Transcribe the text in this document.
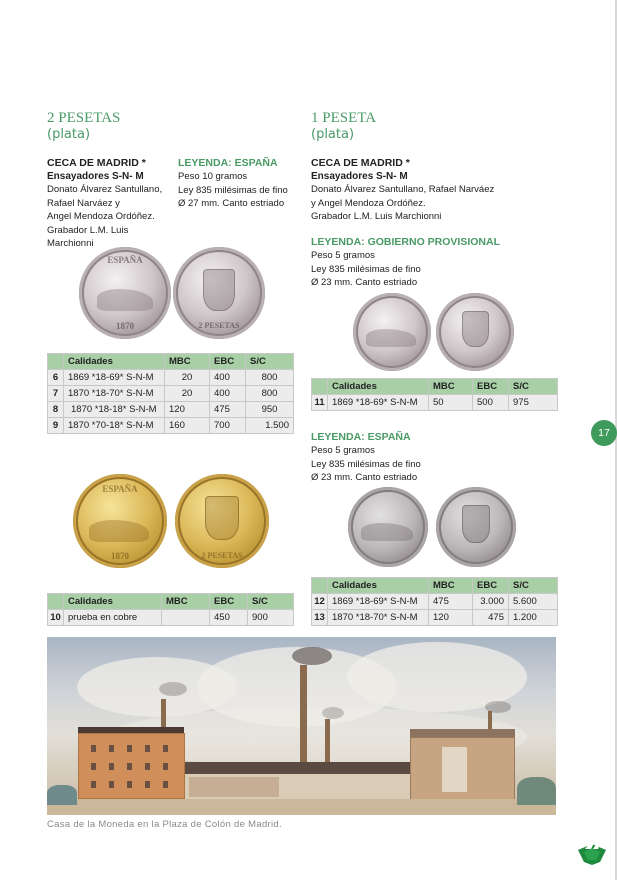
2 PESETAS
(plata)
CECA DE MADRID *
Ensayadores S-N- M
Donato Álvarez Santullano,
Rafael Narváez y
Angel Mendoza Ordóñez.
Grabador L.M. Luis Marchionni
LEYENDA: ESPAÑA
Peso 10 gramos
Ley 835 milésimas de fino
Ø 27 mm. Canto estriado
ESPAÑA
1870	2 PESETAS
	Calidades	MBC	EBC	S/C
6	1869 *18-69* S-N-M	20	400	800
7	1870 *18-70* S-N-M	20	400	800
8	1870 *18-18* S-N-M	120	475	950
9	1870 *70-18* S-N-M	160	700	1.500
ESPAÑA
1870	2 PESETAS
	Calidades	MBC	EBC	S/C
10	prueba en cobre		450	900
1 PESETA
(plata)
CECA DE MADRID *
Ensayadores S-N- M
Donato Álvarez Santullano, Rafael Narváez
y Angel Mendoza Ordóñez.
Grabador L.M. Luis Marchionni
LEYENDA: GOBIERNO PROVISIONAL
Peso 5 gramos
Ley 835 milésimas de fino
Ø 23 mm. Canto estriado
	Calidades	MBC	EBC	S/C
11	1869 *18-69* S-N-M	50	500	975
LEYENDA: ESPAÑA
Peso 5 gramos
Ley 835 milésimas de fino
Ø 23 mm. Canto estriado
	Calidades	MBC	EBC	S/C
12	1869 *18-69* S-N-M	475	3.000	5.600
13	1870 *18-70* S-N-M	120	475	1.200
17
Casa de la Moneda en la Plaza de Colón de Madrid.
